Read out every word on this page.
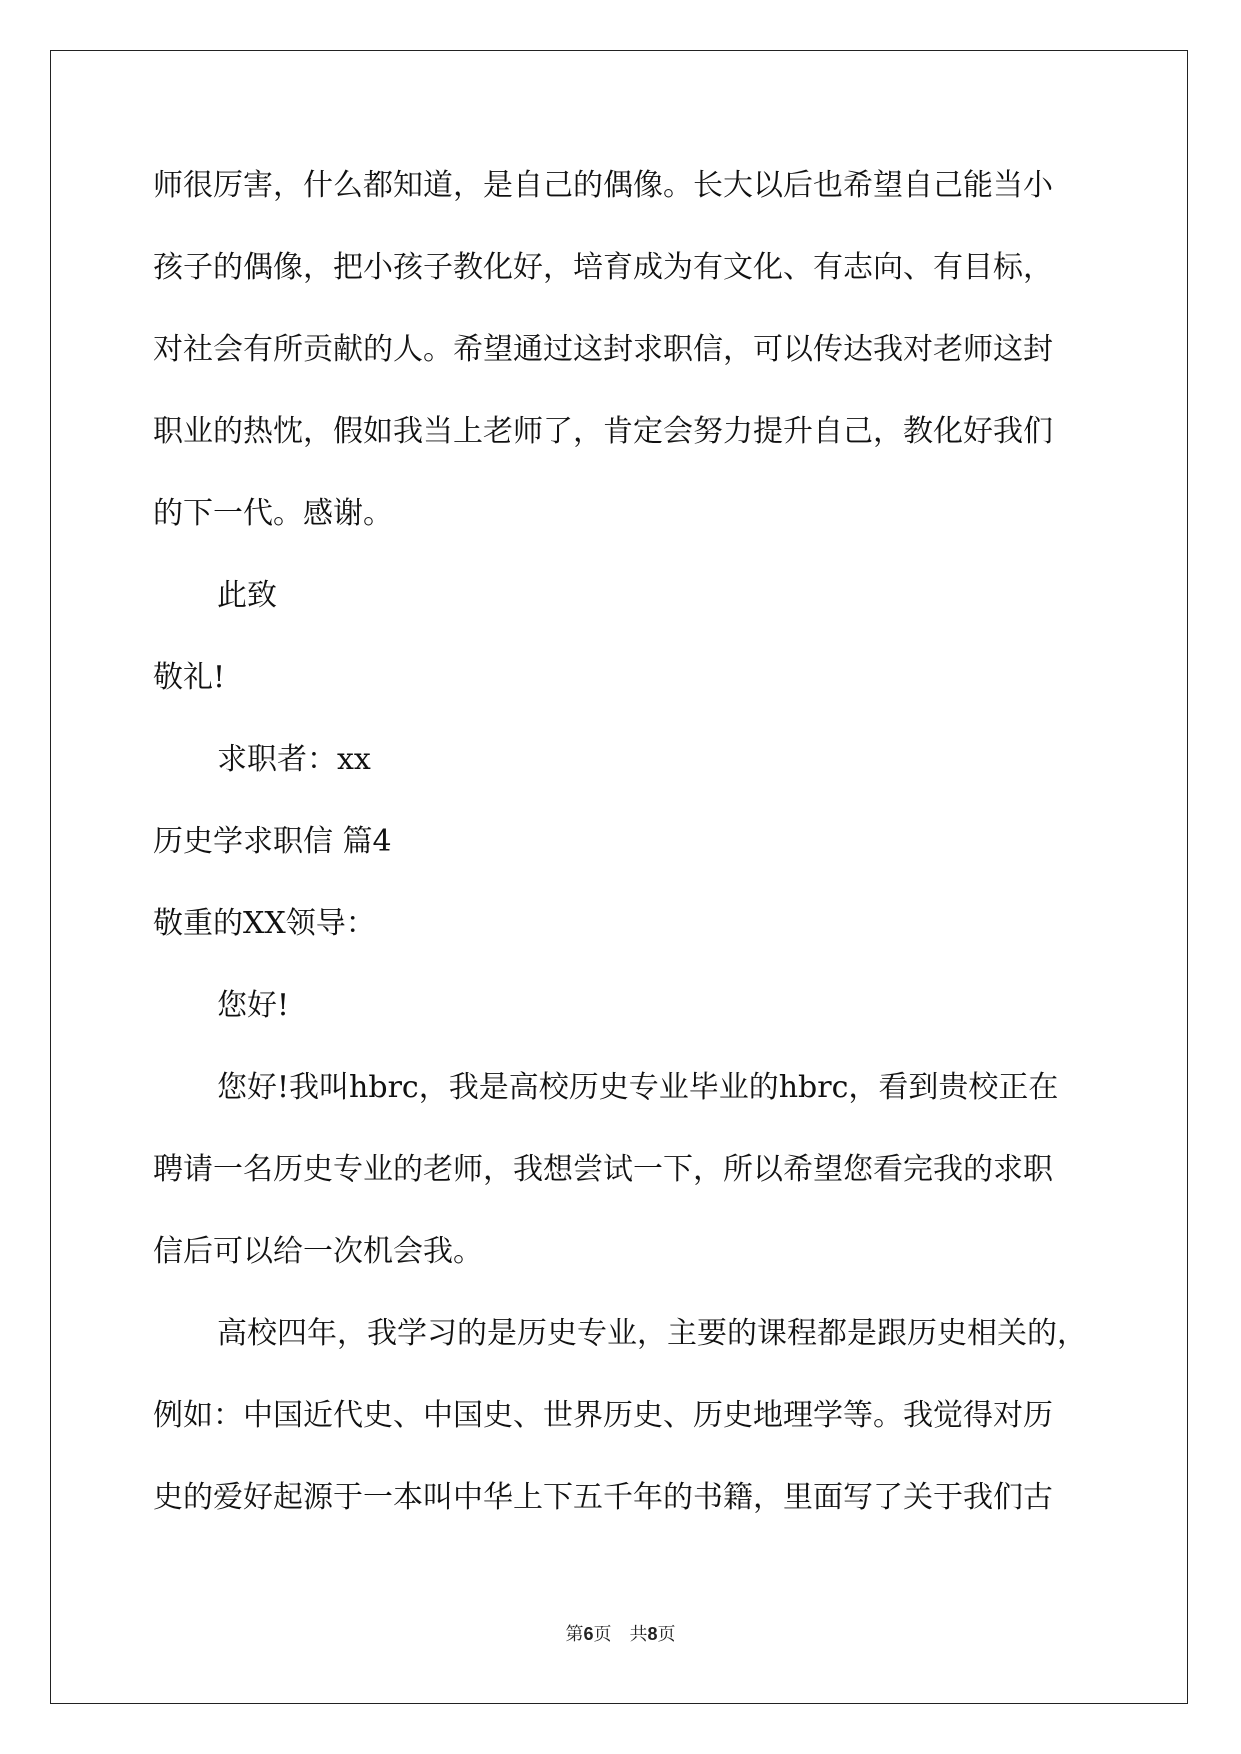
师很厉害，什么都知道，是自己的偶像。长大以后也希望自己能当小
孩子的偶像，把小孩子教化好，培育成为有文化、有志向、有目标，
对社会有所贡献的人。希望通过这封求职信，可以传达我对老师这封
职业的热忱，假如我当上老师了，肯定会努力提升自己，教化好我们
的下一代。感谢。
此致
敬礼!
求职者：xx
历史学求职信 篇4
敬重的XX领导：
您好!
您好!我叫hbrc，我是高校历史专业毕业的hbrc，看到贵校正在
聘请一名历史专业的老师，我想尝试一下，所以希望您看完我的求职
信后可以给一次机会我。
高校四年，我学习的是历史专业，主要的课程都是跟历史相关的，
例如：中国近代史、中国史、世界历史、历史地理学等。我觉得对历
史的爱好起源于一本叫中华上下五千年的书籍，里面写了关于我们古
第6页 共8页
